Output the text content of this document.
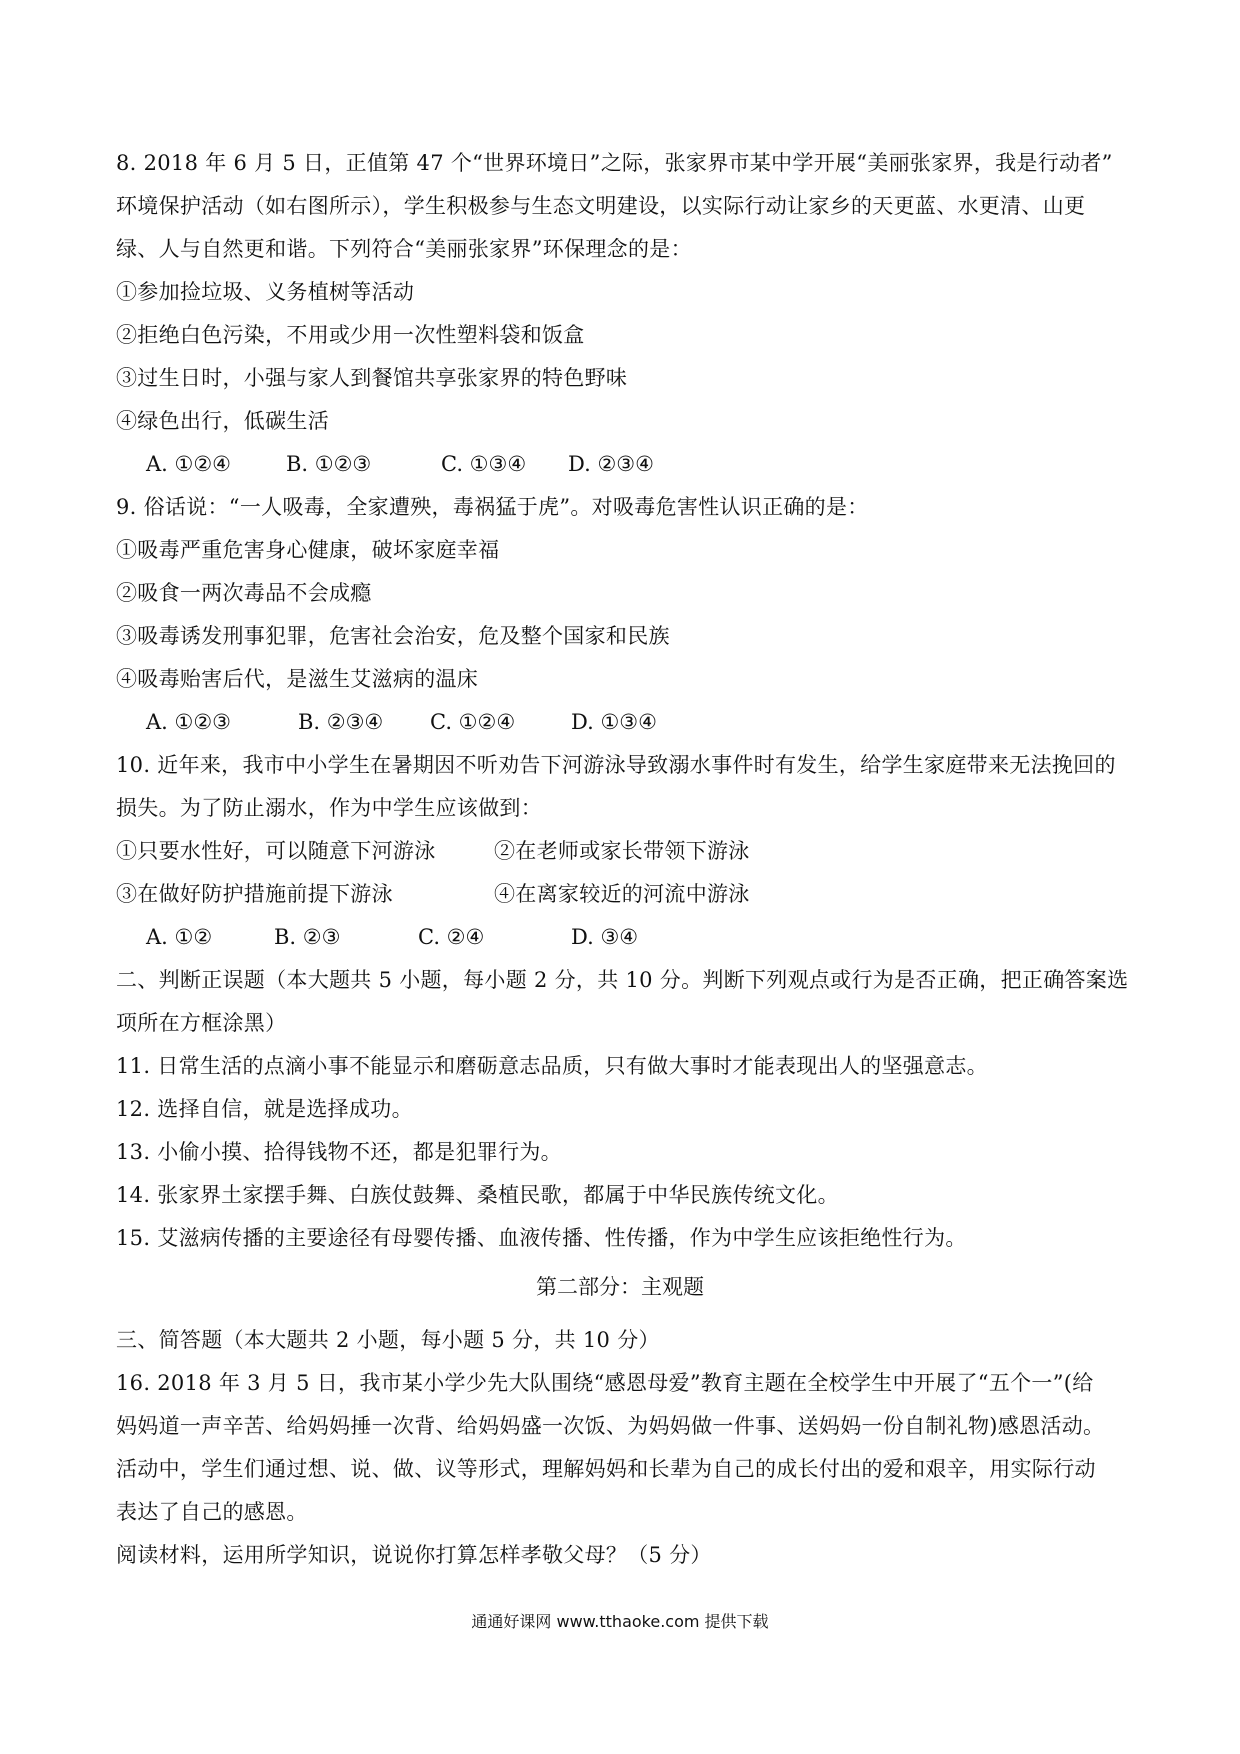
8. 2018 年 6 月 5 日，正值第 47 个“世界环境日”之际，张家界市某中学开展“美丽张家界，我是行动者”
环境保护活动（如右图所示），学生积极参与生态文明建设，以实际行动让家乡的天更蓝、水更清、山更
绿、人与自然更和谐。下列符合“美丽张家界”环保理念的是：
①参加捡垃圾、义务植树等活动
②拒绝白色污染，不用或少用一次性塑料袋和饭盒
③过生日时，小强与家人到餐馆共享张家界的特色野味
④绿色出行，低碳生活
A. ①②④	B. ①②③	C. ①③④ D. ②③④
9. 俗话说：“一人吸毒，全家遭殃，毒祸猛于虎”。对吸毒危害性认识正确的是：
①吸毒严重危害身心健康，破坏家庭幸福
②吸食一两次毒品不会成瘾
③吸毒诱发刑事犯罪，危害社会治安，危及整个国家和民族
④吸毒贻害后代，是滋生艾滋病的温床
A. ①②③	B. ②③④ C. ①②④	D. ①③④
10. 近年来，我市中小学生在暑期因不听劝告下河游泳导致溺水事件时有发生，给学生家庭带来无法挽回的
损失。为了防止溺水，作为中学生应该做到：
①只要水性好，可以随意下河游泳	②在老师或家长带领下游泳
③在做好防护措施前提下游泳	④在离家较近的河流中游泳
A. ①②	B. ②③	C. ②④	D. ③④
二、判断正误题（本大题共 5 小题，每小题 2 分，共 10 分。判断下列观点或行为是否正确，把正确答案选
项所在方框涂黑）
11. 日常生活的点滴小事不能显示和磨砺意志品质，只有做大事时才能表现出人的坚强意志。
12. 选择自信，就是选择成功。
13. 小偷小摸、拾得钱物不还，都是犯罪行为。
14. 张家界土家摆手舞、白族仗鼓舞、桑植民歌，都属于中华民族传统文化。
15. 艾滋病传播的主要途径有母婴传播、血液传播、性传播，作为中学生应该拒绝性行为。
第二部分：主观题
三、简答题（本大题共 2 小题，每小题 5 分，共 10 分）
16. 2018 年 3 月 5 日，我市某小学少先大队围绕“感恩母爱”教育主题在全校学生中开展了“五个一”(给
妈妈道一声辛苦、给妈妈捶一次背、给妈妈盛一次饭、为妈妈做一件事、送妈妈一份自制礼物)感恩活动。
活动中，学生们通过想、说、做、议等形式，理解妈妈和长辈为自己的成长付出的爱和艰辛，用实际行动
表达了自己的感恩。
阅读材料，运用所学知识，说说你打算怎样孝敬父母？（5 分）
通通好课网 www.tthaoke.com 提供下载
